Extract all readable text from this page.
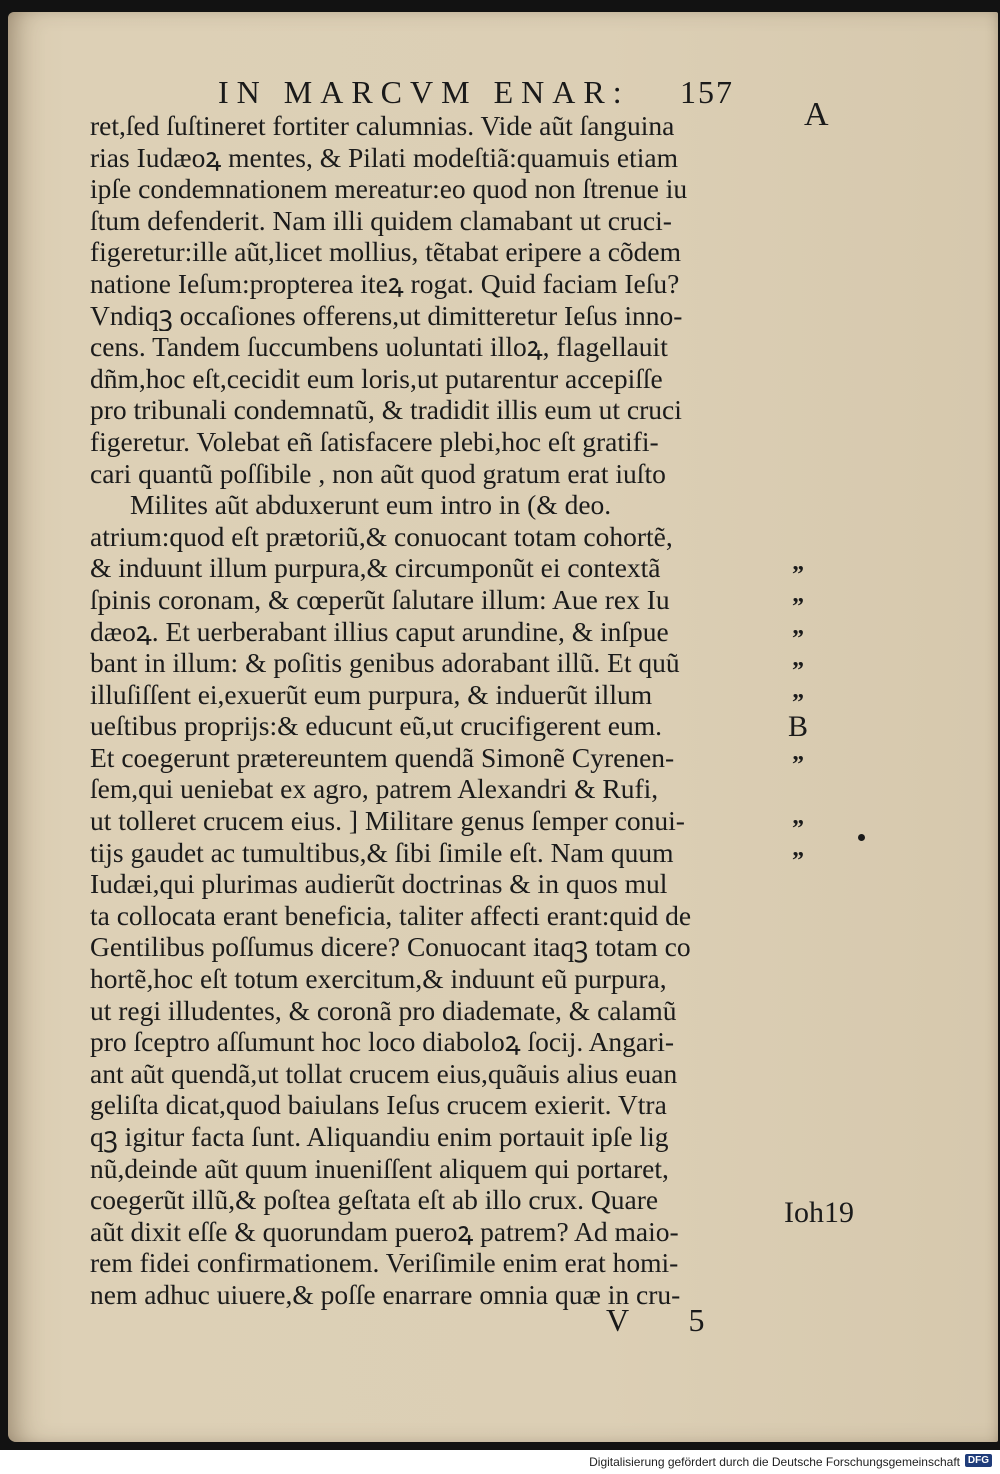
IN MARCVM ENAR: 157
ret,ſed ſuſtineret fortiter calumnias. Vide aũt ſanguina
rias Iudæoꝝ mentes, & Pilati modeſtiã:quamuis etiam
ipſe condemnationem mereatur:eo quod non ſtrenue iu
ſtum defenderit. Nam illi quidem clamabant ut cruci-
figeretur:ille aũt,licet mollius, tẽtabat eripere a cõdem
natione Ieſum:propterea iteꝝ rogat. Quid faciam Ieſu?
Vndiqꝫ occaſiones offerens,ut dimitteretur Ieſus inno-
cens. Tandem ſuccumbens uoluntati illoꝝ, flagellauit
dñm,hoc eſt,cecidit eum loris,ut putarentur accepiſſe
pro tribunali condemnatũ, & tradidit illis eum ut cruci
figeretur. Volebat eñ ſatisfacere plebi,hoc eſt gratifi-
cari quantũ poſſibile , non aũt quod gratum erat iuſto
Milites aũt abduxerunt eum intro in (& deo.
atrium:quod eſt prætoriũ,& conuocant totam cohortẽ,
& induunt illum purpura,& circumponũt ei contextã
ſpinis coronam, & cœperũt ſalutare illum: Aue rex Iu
dæoꝝ. Et uerberabant illius caput arundine, & inſpue
bant in illum: & poſitis genibus adorabant illũ. Et quũ
illuſiſſent ei,exuerũt eum purpura, & induerũt illum
ueſtibus proprijs:& educunt eũ,ut crucifigerent eum.
Et coegerunt prætereuntem quendã Simonẽ Cyrenen-
ſem,qui ueniebat ex agro, patrem Alexandri & Rufi,
ut tolleret crucem eius. ] Militare genus ſemper conui-
tijs gaudet ac tumultibus,& ſibi ſimile eſt. Nam quum
Iudæi,qui plurimas audierũt doctrinas & in quos mul
ta collocata erant beneficia, taliter affecti erant:quid de
Gentilibus poſſumus dicere? Conuocant itaqꝫ totam co
hortẽ,hoc eſt totum exercitum,& induunt eũ purpura,
ut regi illudentes, & coronã pro diademate, & calamũ
pro ſceptro aſſumunt hoc loco diaboloꝝ ſocij. Angari-
ant aũt quendã,ut tollat crucem eius,quãuis alius euan
geliſta dicat,quod baiulans Ieſus crucem exierit. Vtra
qꝫ igitur facta ſunt. Aliquandiu enim portauit ipſe lig
nũ,deinde aũt quum inueniſſent aliquem qui portaret,
coegerũt illũ,& poſtea geſtata eſt ab illo crux. Quare
aũt dixit eſſe & quorundam pueroꝝ patrem? Ad maio-
rem fidei confirmationem. Veriſimile enim erat homi-
nem adhuc uiuere,& poſſe enarrare omnia quæ in cru-
A
B
Ioh19
”
”
”
”
”
”
”
”
V 5
Digitalisierung gefördert durch die Deutsche Forschungsgemeinschaft DFG
